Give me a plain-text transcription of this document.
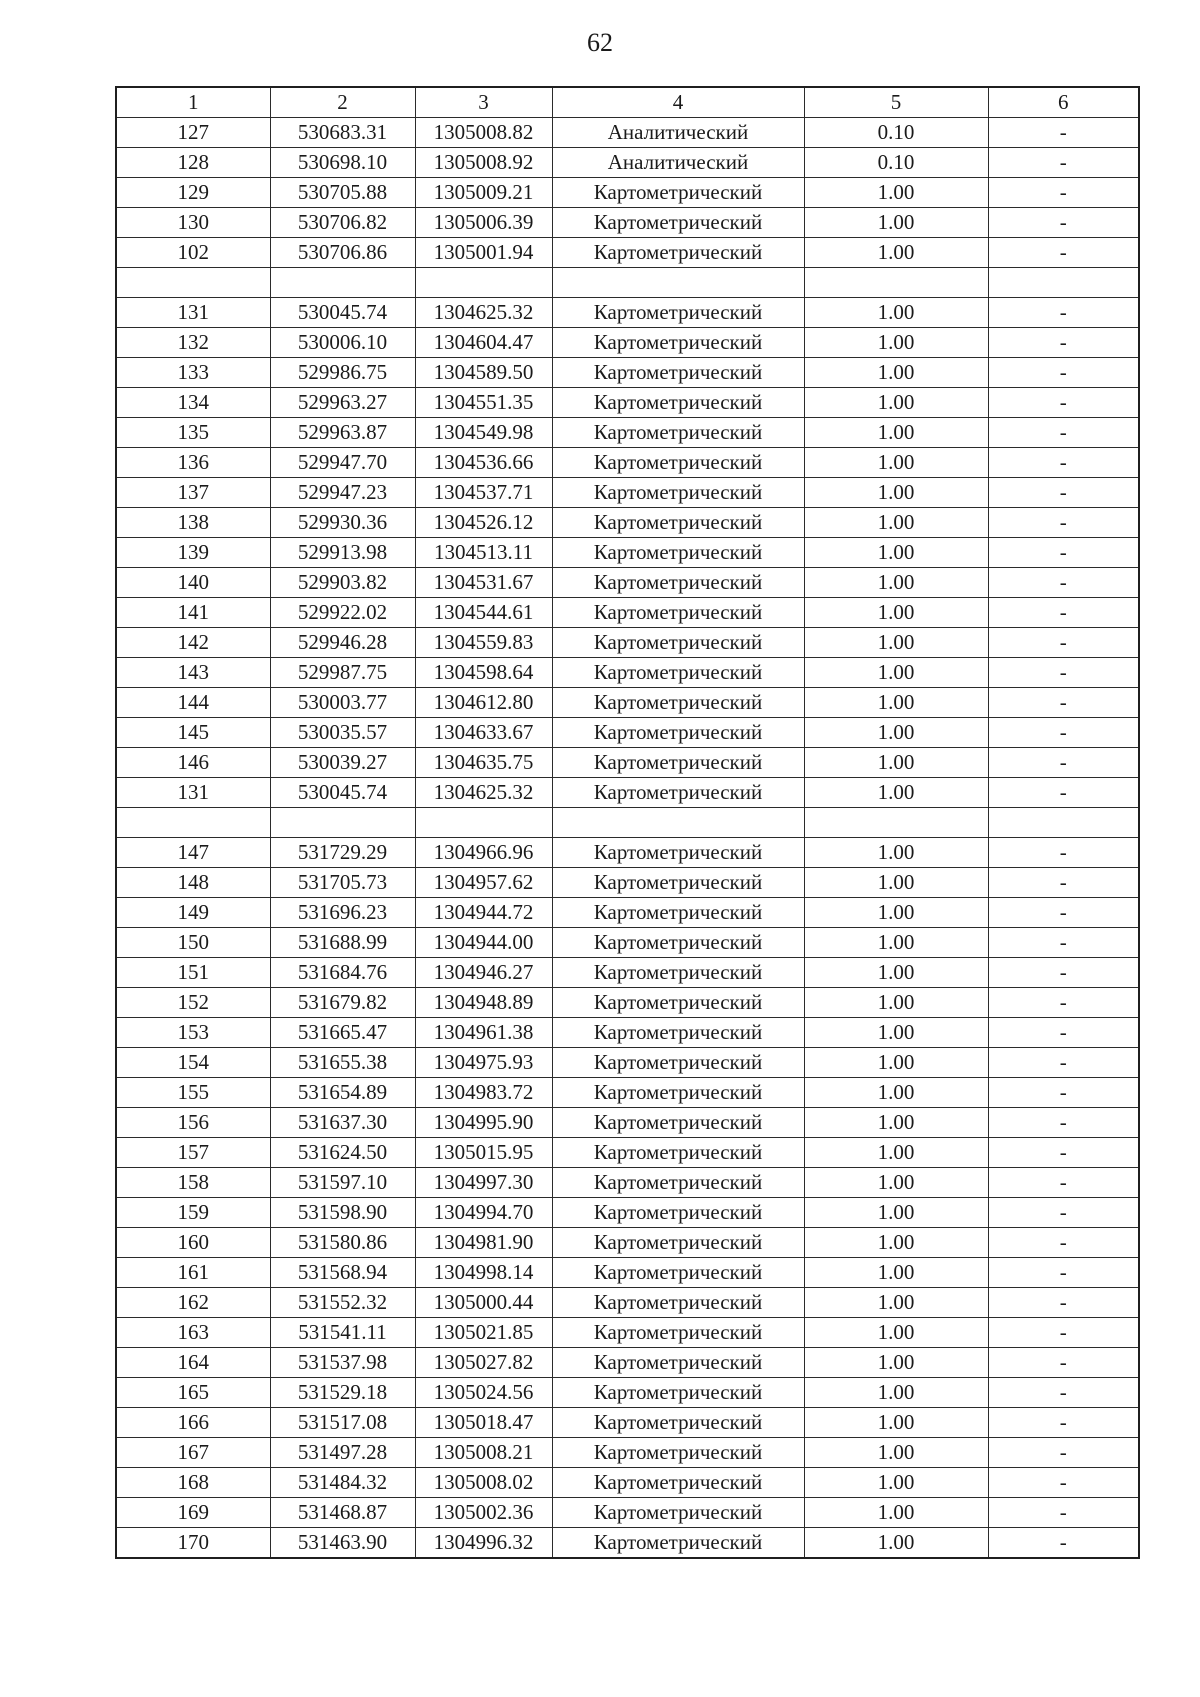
62
1	2	3	4	5	6
127	530683.31	1305008.82	Аналитический	0.10	-
128	530698.10	1305008.92	Аналитический	0.10	-
129	530705.88	1305009.21	Картометрический	1.00	-
130	530706.82	1305006.39	Картометрический	1.00	-
102	530706.86	1305001.94	Картометрический	1.00	-

131	530045.74	1304625.32	Картометрический	1.00	-
132	530006.10	1304604.47	Картометрический	1.00	-
133	529986.75	1304589.50	Картометрический	1.00	-
134	529963.27	1304551.35	Картометрический	1.00	-
135	529963.87	1304549.98	Картометрический	1.00	-
136	529947.70	1304536.66	Картометрический	1.00	-
137	529947.23	1304537.71	Картометрический	1.00	-
138	529930.36	1304526.12	Картометрический	1.00	-
139	529913.98	1304513.11	Картометрический	1.00	-
140	529903.82	1304531.67	Картометрический	1.00	-
141	529922.02	1304544.61	Картометрический	1.00	-
142	529946.28	1304559.83	Картометрический	1.00	-
143	529987.75	1304598.64	Картометрический	1.00	-
144	530003.77	1304612.80	Картометрический	1.00	-
145	530035.57	1304633.67	Картометрический	1.00	-
146	530039.27	1304635.75	Картометрический	1.00	-
131	530045.74	1304625.32	Картометрический	1.00	-

147	531729.29	1304966.96	Картометрический	1.00	-
148	531705.73	1304957.62	Картометрический	1.00	-
149	531696.23	1304944.72	Картометрический	1.00	-
150	531688.99	1304944.00	Картометрический	1.00	-
151	531684.76	1304946.27	Картометрический	1.00	-
152	531679.82	1304948.89	Картометрический	1.00	-
153	531665.47	1304961.38	Картометрический	1.00	-
154	531655.38	1304975.93	Картометрический	1.00	-
155	531654.89	1304983.72	Картометрический	1.00	-
156	531637.30	1304995.90	Картометрический	1.00	-
157	531624.50	1305015.95	Картометрический	1.00	-
158	531597.10	1304997.30	Картометрический	1.00	-
159	531598.90	1304994.70	Картометрический	1.00	-
160	531580.86	1304981.90	Картометрический	1.00	-
161	531568.94	1304998.14	Картометрический	1.00	-
162	531552.32	1305000.44	Картометрический	1.00	-
163	531541.11	1305021.85	Картометрический	1.00	-
164	531537.98	1305027.82	Картометрический	1.00	-
165	531529.18	1305024.56	Картометрический	1.00	-
166	531517.08	1305018.47	Картометрический	1.00	-
167	531497.28	1305008.21	Картометрический	1.00	-
168	531484.32	1305008.02	Картометрический	1.00	-
169	531468.87	1305002.36	Картометрический	1.00	-
170	531463.90	1304996.32	Картометрический	1.00	-
